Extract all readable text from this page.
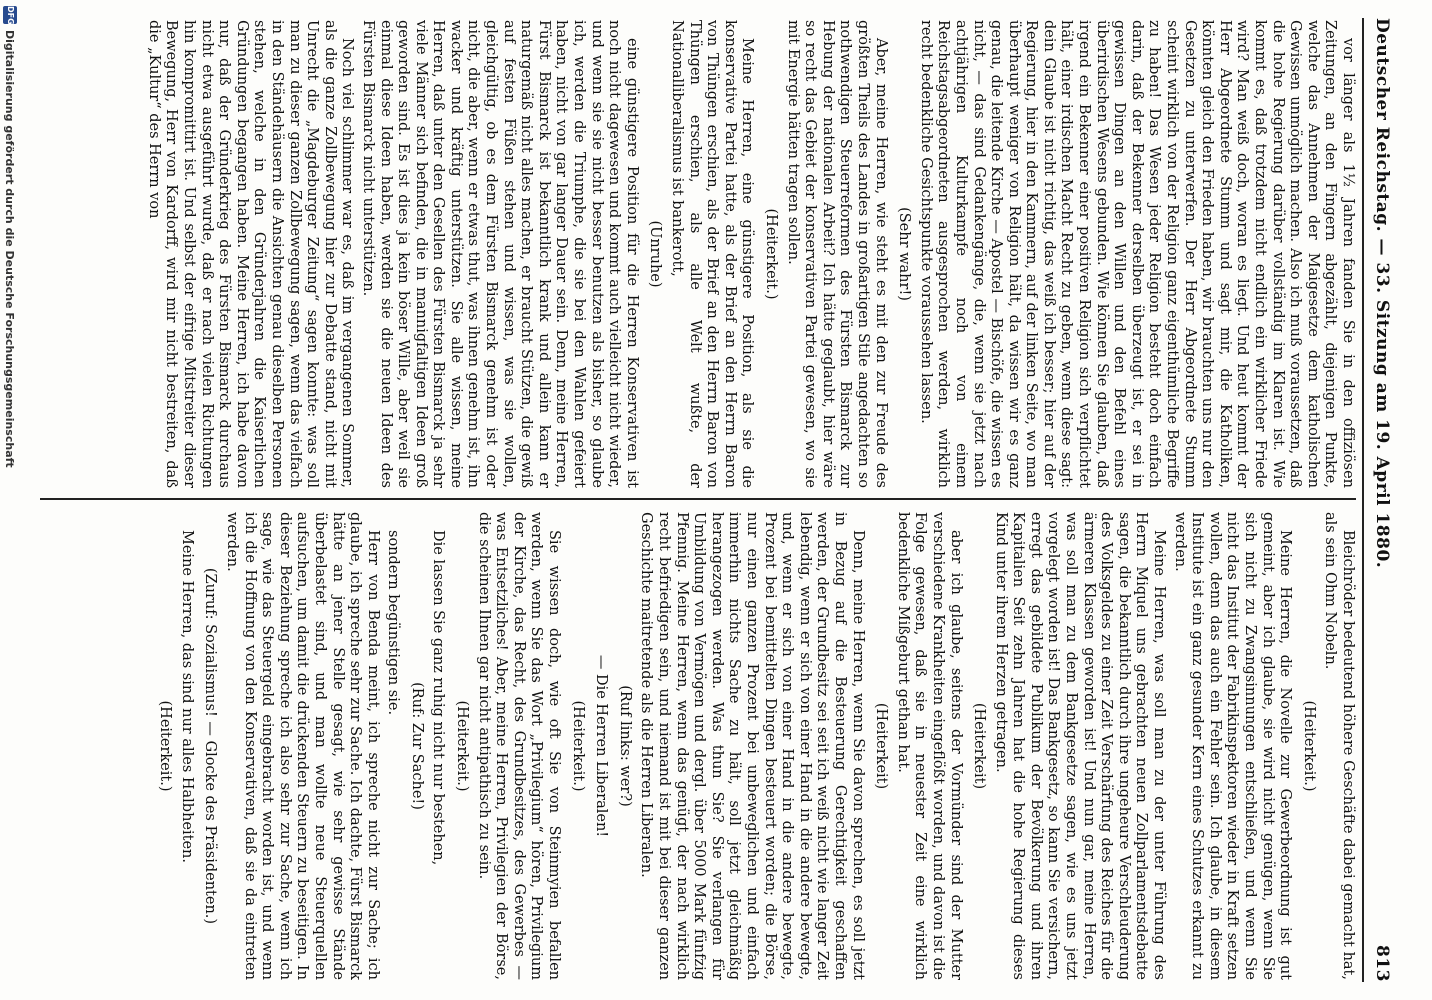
Deutscher Reichstag. — 33. Sitzung am 19. April 1880.
813

vor länger als 1½ Jahren fanden Sie in den offiziösen Zeitungen, an den Fingern abgezählt, diejenigen Punkte, welche das Annehmen der Maigesetze dem katholischen Gewissen unmöglich machen. Also ich muß voraussetzen, daß die hohe Regierung darüber vollständig im Klaren ist. Wie kommt es, daß trotzdem nicht endlich ein wirklicher Friede wird? Man weiß doch, woran es liegt. Und heut kommt der Herr Abgeordnete Stumm und sagt mir, die Katholiken, könnten gleich den Frieden haben, wir brauchten uns nur den Gesetzen zu unterwerfen. Der Herr Abgeordnete Stumm scheint wirklich von der Religion ganz eigenthümliche Begriffe zu haben! Das Wesen jeder Religion besteht doch einfach darin, daß der Bekenner derselben überzeugt ist, er sei in gewissen Dingen an den Willen und den Befehl eines überirdischen Wesens gebunden. Wie können Sie glauben, daß irgend ein Bekenner einer positiven Religion sich verpflichtet hält, einer irdischen Macht Recht zu geben, wenn diese sagt: dein Glaube ist nicht richtig, das weiß ich besser; hier auf der Regierung, hier in den Kammern, auf der linken Seite, wo man überhaupt weniger von Religion hält, da wissen wir es ganz genau, die leitende Kirche — Apostel — Bischöfe, die wissen es nicht, — das sind Gedankengänge, die, wenn sie jetzt nach achtjährigen Kulturkampfe noch von einem Reichstagsabgeordneten ausgesprochen werden, wirklich recht bedenkliche Gesichtspunkte voraussehen lassen.

(Sehr wahr!)

Aber, meine Herren, wie steht es mit den zur Freude des größten Theils des Landes in großartigen Stile angedachten so nothwendigen Steuerreformen des Fürsten Bismarck zur Hebung der nationalen Arbeit? Ich hätte geglaubt, hier wäre so recht das Gebiet der konservativen Partei gewesen, wo sie mit Energie hätten tragen sollen.

(Heiterkeit.)

Meine Herren, eine günstigere Position, als sie die konservative Partei hatte, als der Brief an den Herrn Baron von Thüngen erschien, als der Brief an den Herrn Baron von Thüngen erschien, als alle Welt wußte, der Nationalliberalismus ist bankerott,

(Unruhe)

eine günstigere Position für die Herren Konservativen ist noch nicht dagewesen und kommt auch vielleicht nicht wieder, und wenn sie sie nicht besser benutzen als bisher, so glaube ich, werden die Triumphe, die sie bei den Wahlen gefeiert haben, nicht von gar langer Dauer sein. Denn, meine Herren, Fürst Bismarck ist bekanntlich krank und allein kann er naturgemäß nicht alles machen, er braucht Stützen, die gewiß auf festen Füßen stehen und wissen, was sie wollen, gleichgültig, ob es dem Fürsten Bismarck genehm ist oder nicht, die aber, wenn er etwas thut, was ihnen genehm ist, ihn wacker und kräftig unterstützen. Sie alle wissen, meine Herren, daß unter den Gesellen des Fürsten Bismarck ja sehr viele Männer sich befinden, die in mannigfaltigen Ideen groß geworden sind. Es ist dies ja kein böser Wille, aber weil sie einmal diese Ideen haben, werden sie die neuen Ideen des Fürsten Bismarck nicht unterstützen.

Noch viel schlimmer war es, daß im vergangenen Sommer, als die ganze Zollbewegung hier zur Debatte stand, nicht mit Unrecht die „Magdeburger Zeitung“ sagen konnte: was soll man zu dieser ganzen Zollbewegung sagen, wenn das vielfach in den Ständehäusern die Ansichten genau dieselben Personen stehen, welche in den Gründerjahren die Kaiserlichen Gründungen begangen haben. Meine Herren, ich habe davon nur, daß der Gründerkrieg des Fürsten Bismarck durchaus nicht etwa ausgeführt wurde, daß er nach vielen Richtungen hin kompromittirt ist. Und selbst der eifrige Mitstreiter dieser Bewegung, Herr von Kardorff, wird mir nicht bestreiten, daß die „Kultur“ des Herrn von

Bleichröder bedeutend höhere Geschäfte dabei gemacht hat, als sein Ohm Nobeln.

(Heiterkeit.)

Meine Herren, die Novelle zur Gewerbeordnung ist gut gemeint, aber ich glaube, sie wird nicht genügen, wenn Sie sich nicht zu Zwangsinnungen entschließen, und wenn Sie nicht das Institut der Fabrikinspektoren wieder in Kraft setzen wollen, denn das auch ein Fehler sein. Ich glaube, in diesem Institute ist ein ganz gesunder Kern eines Schutzes erkannt zu werden.

Meine Herren, was soll man zu der unter Führung des Herrn Miquel uns gebrachten neuen Zollparlamentsdebatte sagen, die bekanntlich durch ihre ungeheure Verschleuderung des Volksgeldes zu einer Zeit Verschärfung des Reiches für die ärmeren Klassen geworden ist! Und nun gar, meine Herren, was soll man zu dem Bankgesetze sagen, wie es uns jetzt vorgelegt worden ist! Das Bankgesetz, so kann Sie versichern, erregt das gebildete Publikum der Bevölkerung und ihren Kapitalien Seit zehn Jahren hat die hohe Regierung dieses Kind unter ihrem Herzen getragen.

(Heiterkeit)

aber ich glaube, seitens der Vormünder sind der Mutter verschiedene Krankheiten eingeflößt worden, und davon ist die Folge gewesen, daß sie in neuester Zeit eine wirklich bedenkliche Mißgeburt gethan hat.

(Heiterkeit)

Denn, meine Herren, wenn Sie davon sprechen, es soll jetzt in Bezug auf die Besteuerung Gerechtigkeit geschaffen werden, der Grundbesitz sei seit ich weiß nicht wie langer Zeit lebendig, wenn er sich von einer Hand in die andere bewegte, und, wenn er sich von einer Hand in die andere bewegte, Prozent bei bemittelten Dingen besteuert worden; die Börse, nur einen ganzen Prozent bei unbeweglichen und einfach immerhin nichts Sache zu hält, soll jetzt gleichmäßig herangezogen werden. Was thun Sie? Sie verlangen für Umbildung von Vermögen und dergl. über 5000 Mark fünfzig Pfennig. Meine Herren, wenn das genügt, der nach wirklich recht befriedigen sein, und niemand ist mit bei dieser ganzen Geschichte maitretende als die Herren Liberalen.

(Ruf links: wer?)

— Die Herren Liberalen!

(Heiterkeit.)

Sie wissen doch, wie oft Sie von Steinmyien befallen werden, wenn Sie das Wort „Privilegium“ hören, Privilegium der Kirche, das Recht, des Grundbesitzes, des Gewerbes — was Entsetzliches! Aber, meine Herren, Privilegien der Börse, die scheinen Ihnen gar nicht antipathisch zu sein.

(Heiterkeit.)

Die lassen Sie ganz ruhig nicht nur bestehen,

(Ruf: Zur Sache!)

sondern begünstigen sie.

Herr von Benda meint, ich spreche nicht zur Sache; ich glaube, ich spreche sehr zur Sache. Ich dachte, Fürst Bismarck hätte an jener Stelle gesagt, wie sehr gewisse Stände überbelastet sind, und man wollte neue Steuerquellen aufsuchen, um damit die drückenden Steuern zu beseitigen. In dieser Beziehung spreche ich also sehr zur Sache, wenn ich sage, wie das Steuergeld eingebracht worden ist, und wenn ich die Hoffnung von den Konservativen, daß sie da eintreten werden.

(Zuruf: Sozialismus! — Glocke des Präsidenten.)

Meine Herren, das sind nur alles Halbheiten.

(Heiterkeit.)

DFG
Digitalisierung gefördert durch die Deutsche Forschungsgemeinschaft
